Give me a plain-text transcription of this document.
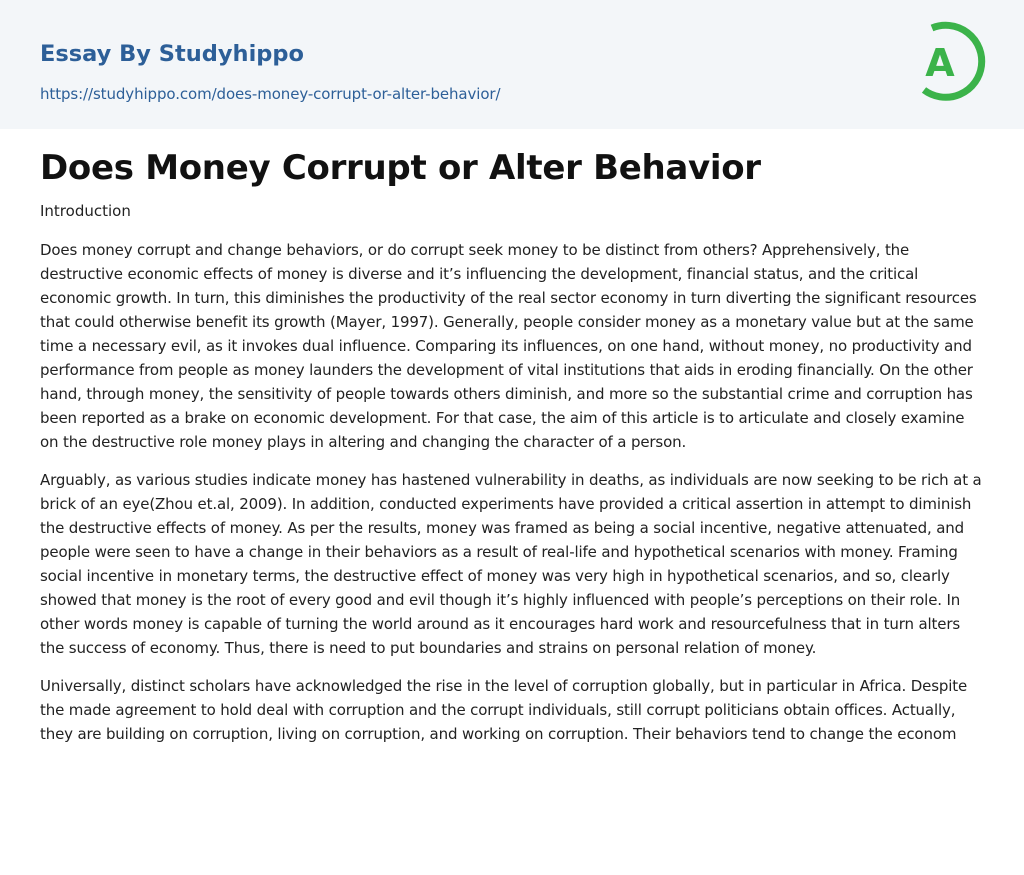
Essay By Studyhippo
https://studyhippo.com/does-money-corrupt-or-alter-behavior/
A
Does Money Corrupt or Alter Behavior
Introduction

Does money corrupt and change behaviors, or do corrupt seek money to be distinct from others? Apprehensively, the destructive economic effects of money is diverse and it’s influencing the development, financial status, and the critical economic growth. In turn, this diminishes the productivity of the real sector economy in turn diverting the significant resources that could otherwise benefit its growth (Mayer, 1997). Generally, people consider money as a monetary value but at the same time a necessary evil, as it invokes dual influence. Comparing its influences, on one hand, without money, no productivity and performance from people as money launders the development of vital institutions that aids in eroding financially. On the other hand, through money, the sensitivity of people towards others diminish, and more so the substantial crime and corruption has been reported as a brake on economic development. For that case, the aim of this article is to articulate and closely examine on the destructive role money plays in altering and changing the character of a person.

Arguably, as various studies indicate money has hastened vulnerability in deaths, as individuals are now seeking to be rich at a brick of an eye(Zhou et.al, 2009). In addition, conducted experiments have provided a critical assertion in attempt to diminish the destructive effects of money. As per the results, money was framed as being a social incentive, negative attenuated, and people were seen to have a change in their behaviors as a result of real-life and hypothetical scenarios with money. Framing social incentive in monetary terms, the destructive effect of money was very high in hypothetical scenarios, and so, clearly showed that money is the root of every good and evil though it’s highly influenced with people’s perceptions on their role. In other words money is capable of turning the world around as it encourages hard work and resourcefulness that in turn alters the success of economy. Thus, there is need to put boundaries and strains on personal relation of money.

Universally, distinct scholars have acknowledged the rise in the level of corruption globally, but in particular in Africa. Despite the made agreement to hold deal with corruption and the corrupt individuals, still corrupt politicians obtain offices. Actually, they are building on corruption, living on corruption, and working on corruption. Their behaviors tend to change the econom
